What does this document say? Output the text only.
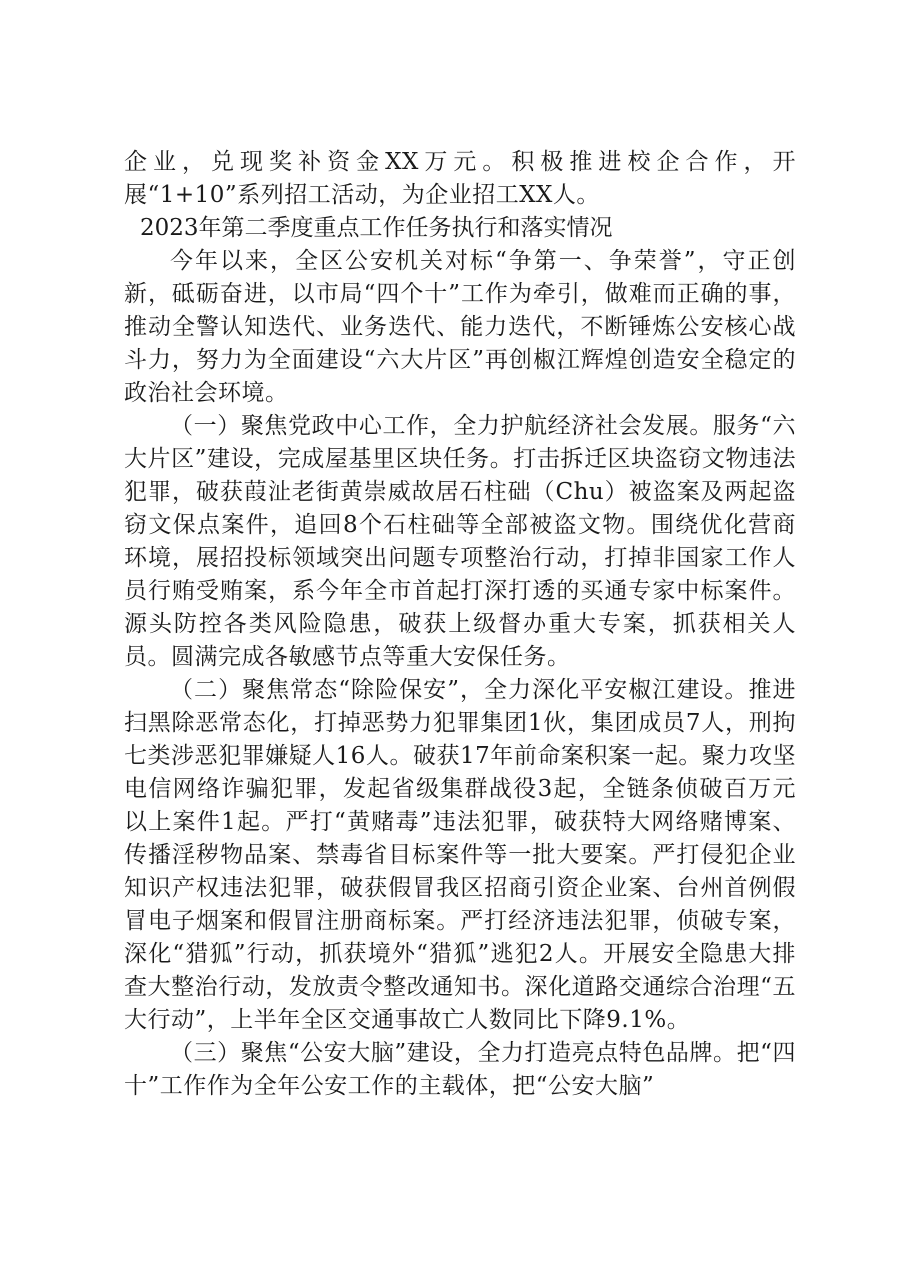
企业，兑现奖补资金XX万元。积极推进校企合作，开展“1+10”系列招工活动，为企业招工XX人。

2023年第二季度重点工作任务执行和落实情况

今年以来，全区公安机关对标“争第一、争荣誉”，守正创新，砥砺奋进，以市局“四个十”工作为牵引，做难而正确的事，推动全警认知迭代、业务迭代、能力迭代，不断锤炼公安核心战斗力，努力为全面建设“六大片区”再创椒江辉煌创造安全稳定的政治社会环境。

（一）聚焦党政中心工作，全力护航经济社会发展。服务“六大片区”建设，完成屋基里区块任务。打击拆迁区块盗窃文物违法犯罪，破获葭沚老街黄崇威故居石柱础（Chu）被盗案及两起盗窃文保点案件，追回8个石柱础等全部被盗文物。围绕优化营商环境，展招投标领域突出问题专项整治行动，打掉非国家工作人员行贿受贿案，系今年全市首起打深打透的买通专家中标案件。源头防控各类风险隐患，破获上级督办重大专案，抓获相关人员。圆满完成各敏感节点等重大安保任务。

（二）聚焦常态“除险保安”，全力深化平安椒江建设。推进扫黑除恶常态化，打掉恶势力犯罪集团1伙，集团成员7人，刑拘七类涉恶犯罪嫌疑人16人。破获17年前命案积案一起。聚力攻坚电信网络诈骗犯罪，发起省级集群战役3起，全链条侦破百万元以上案件1起。严打“黄赌毒”违法犯罪，破获特大网络赌博案、传播淫秽物品案、禁毒省目标案件等一批大要案。严打侵犯企业知识产权违法犯罪，破获假冒我区招商引资企业案、台州首例假冒电子烟案和假冒注册商标案。严打经济违法犯罪，侦破专案，深化“猎狐”行动，抓获境外“猎狐”逃犯2人。开展安全隐患大排查大整治行动，发放责令整改通知书。深化道路交通综合治理“五大行动”，上半年全区交通事故亡人数同比下降9.1%。

（三）聚焦“公安大脑”建设，全力打造亮点特色品牌。把“四十”工作作为全年公安工作的主载体，把“公安大脑”
